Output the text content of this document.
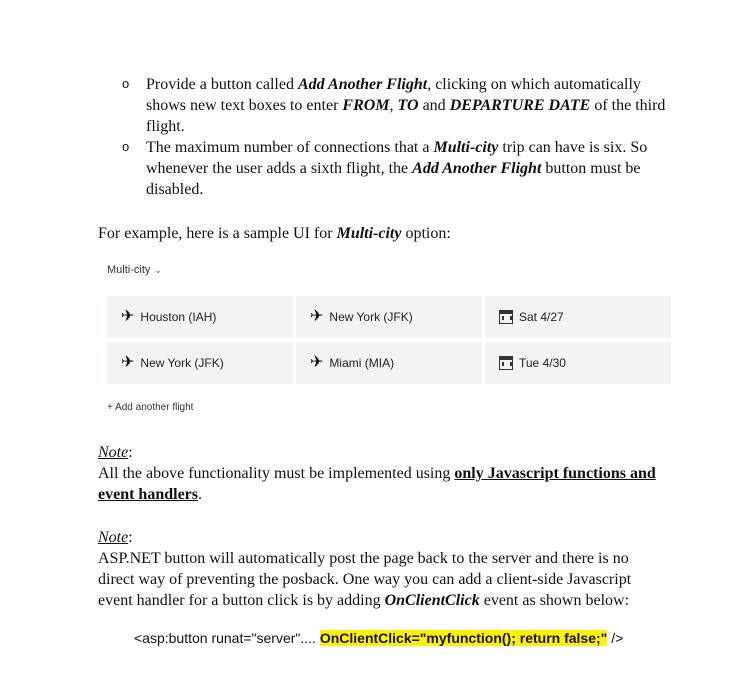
o Provide a button called Add Another Flight, clicking on which automatically shows new text boxes to enter FROM, TO and DEPARTURE DATE of the third flight.
o The maximum number of connections that a Multi-city trip can have is six. So whenever the user adds a sixth flight, the Add Another Flight button must be disabled.

For example, here is a sample UI for Multi-city option:

Multi-city ⌄
✈ Houston (IAH)	✈ New York (JFK)	Sat 4/27
✈ New York (JFK)	✈ Miami (MIA)	Tue 4/30
+ Add another flight

Note:
All the above functionality must be implemented using only Javascript functions and event handlers.

Note:
ASP.NET button will automatically post the page back to the server and there is no direct way of preventing the posback. One way you can add a client-side Javascript event handler for a button click is by adding OnClientClick event as shown below:

<asp:button runat="server".... OnClientClick="myfunction(); return false;" />
